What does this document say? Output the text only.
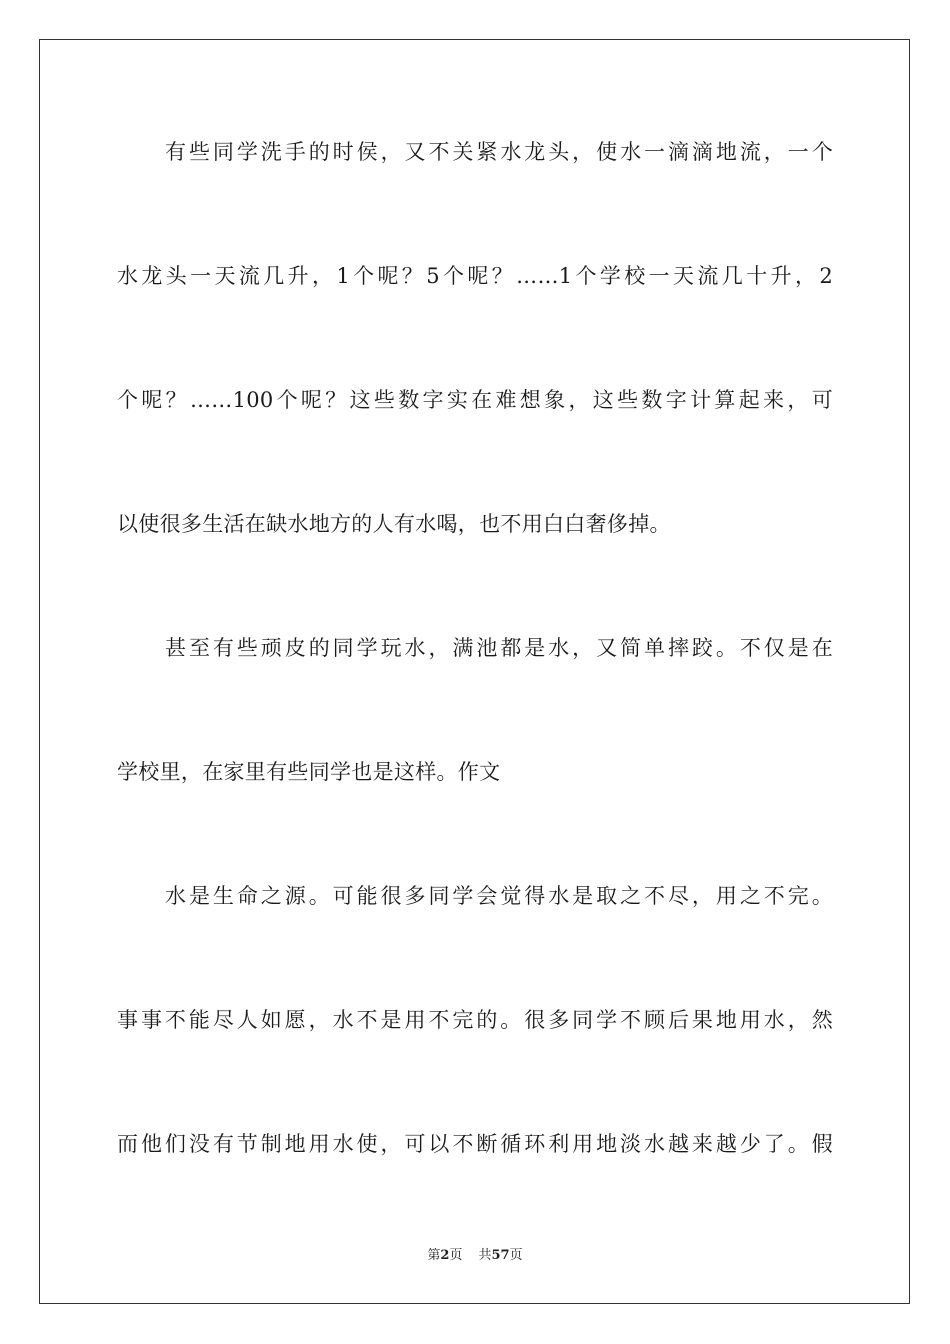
有些同学洗手的时侯，又不关紧水龙头，使水一滴滴地流，一个
水龙头一天流几升，1个呢？5个呢？……1个学校一天流几十升，2
个呢？……100个呢？这些数字实在难想象，这些数字计算起来，可
以使很多生活在缺水地方的人有水喝，也不用白白奢侈掉。
甚至有些顽皮的同学玩水，满池都是水，又简单摔跤。不仅是在
学校里，在家里有些同学也是这样。作文
水是生命之源。可能很多同学会觉得水是取之不尽，用之不完。
事事不能尽人如愿，水不是用不完的。很多同学不顾后果地用水，然
而他们没有节制地用水使，可以不断循环利用地淡水越来越少了。假
第2页 共57页
